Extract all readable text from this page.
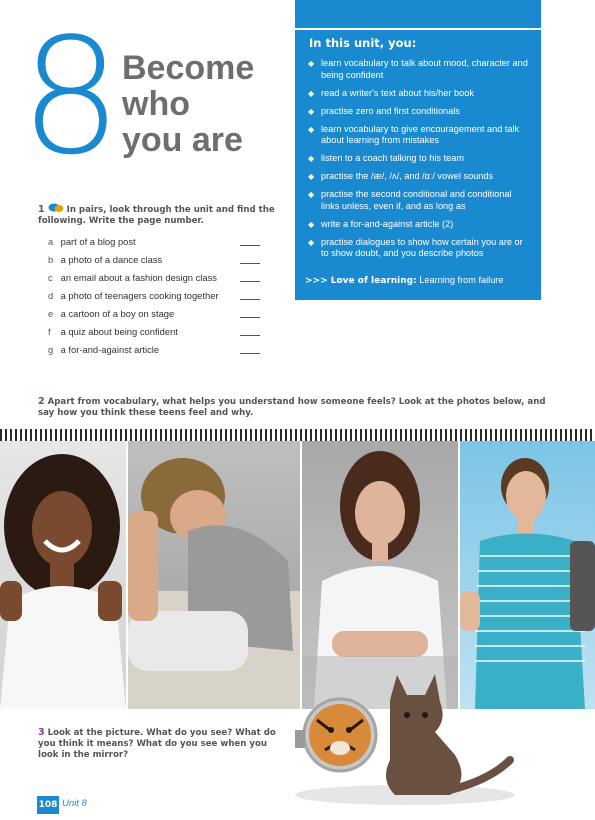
8 Become
who
you are
In this unit, you:
◆ learn vocabulary to talk about mood, character and being confident
◆ read a writer's text about his/her book
◆ practise zero and first conditionals
◆ learn vocabulary to give encouragement and talk about learning from mistakes
◆ listen to a coach talking to his team
◆ practise the /æ/, /ʌ/, and /ɑː/ vowel sounds
◆ practise the second conditional and conditional links unless, even if, and as long as
◆ write a for-and-against article (2)
◆ practise dialogues to show how certain you are or to show doubt, and you describe photos
>>> Love of learning: Learning from failure
1	In pairs, look through the unit and find the following. Write the page number.
a part of a blog post
b a photo of a dance class
c an email about a fashion design class
d a photo of teenagers cooking together
e a cartoon of a boy on stage
f a quiz about being confident
g a for-and-against article
2 Apart from vocabulary, what helps you understand how someone feels? Look at the photos below, and say how you think these teens feel and why.
3 Look at the picture. What do you see? What do you think it means? What do you see when you look in the mirror?
108 Unit 8
